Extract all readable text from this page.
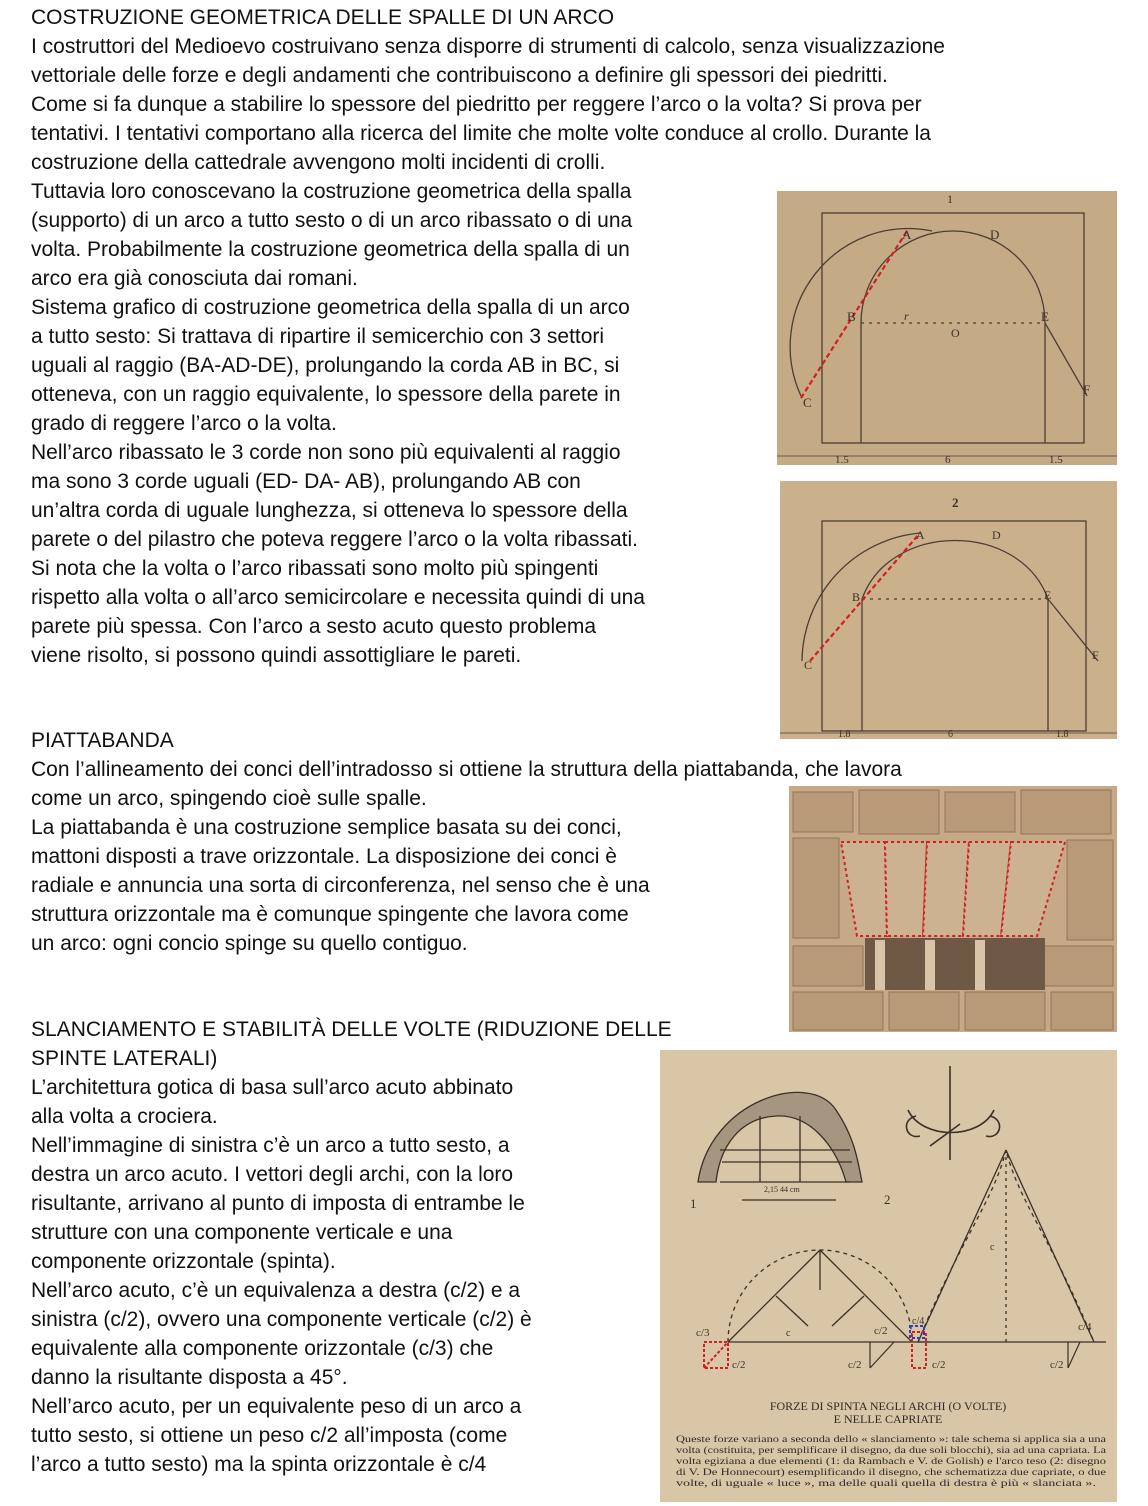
COSTRUZIONE GEOMETRICA DELLE SPALLE DI UN ARCO

I costruttori del Medioevo costruivano senza disporre di strumenti di calcolo, senza visualizzazione

vettoriale delle forze e degli andamenti che contribuiscono a definire gli spessori dei piedritti.

Come si fa dunque a stabilire lo spessore del piedritto per reggere l’arco o la volta? Si prova per

tentativi. I tentativi comportano alla ricerca del limite che molte volte conduce al crollo. Durante la

costruzione della cattedrale avvengono molti incidenti di crolli.

Tuttavia loro conoscevano la costruzione geometrica della spalla

(supporto) di un arco a tutto sesto o di un arco ribassato o di una

volta. Probabilmente la costruzione geometrica della spalla di un

arco era già conosciuta dai romani.

Sistema grafico di costruzione geometrica della spalla di un arco

a tutto sesto: Si trattava di ripartire il semicerchio con 3 settori

uguali al raggio (BA-AD-DE), prolungando la corda AB in BC, si

otteneva, con un raggio equivalente, lo spessore della parete in

grado di reggere l’arco o la volta.

Nell’arco ribassato le 3 corde non sono più equivalenti al raggio

ma sono 3 corde uguali (ED- DA- AB), prolungando AB con

un’altra corda di uguale lunghezza, si otteneva lo spessore della

parete o del pilastro che poteva reggere l’arco o la volta ribassati.

Si nota che la volta o l’arco ribassati sono molto più spingenti

rispetto alla volta o all’arco semicircolare e necessita quindi di una

parete più spessa. Con l’arco a sesto acuto questo problema

viene risolto, si possono quindi assottigliare le pareti.

PIATTABANDA

Con l’allineamento dei conci dell’intradosso si ottiene la struttura della piattabanda, che lavora

come un arco, spingendo cioè sulle spalle.

La piattabanda è una costruzione semplice basata su dei conci,

mattoni disposti a trave orizzontale. La disposizione dei conci è

radiale e annuncia una sorta di circonferenza, nel senso che è una

struttura orizzontale ma è comunque spingente che lavora come

un arco: ogni concio spinge su quello contiguo.

SLANCIAMENTO E STABILITÀ DELLE VOLTE (RIDUZIONE DELLE

SPINTE LATERALI)

L’architettura gotica di basa sull’arco acuto abbinato

alla volta a crociera.

Nell’immagine di sinistra c’è un arco a tutto sesto, a

destra un arco acuto. I vettori degli archi, con la loro

risultante, arrivano al punto di imposta di entrambe le

strutture con una componente verticale e una

componente orizzontale (spinta).

Nell’arco acuto, c’è un equivalenza a destra (c/2) e a

sinistra (c/2), ovvero una componente verticale (c/2) è

equivalente alla componente orizzontale (c/3) che

danno la risultante disposta a 45°.

Nell’arco acuto, per un equivalente peso di un arco a

tutto sesto, si ottiene un peso c/2 all’imposta (come

l’arco a tutto sesto) ma la spinta orizzontale è c/4

A	D
B	E
r
O
C
F
1
1.5	6	1.5
2
A	D
B	E
C
F
1.8	6	1.8
2,15 44 cm
1	2
c/3
c/2
c	c/2
c/2	c/2
c/4
c
c/4
c/2
FORZE DI SPINTA NEGLI ARCHI (O VOLTE)
E NELLE CAPRIATE
Queste forze variano a seconda dello « slanciamento »: tale schema si applica sia a una
volta (costituita, per semplificare il disegno, da due soli blocchi), sia ad una capriata. La
volta egiziana a due elementi (1: da Rambach e V. de Golish) e l'arco teso (2: disegno
di V. De Honnecourt) esemplificando il disegno, che schematizza due capriate, o due
volte, di uguale « luce », ma delle quali quella di destra è più « slanciata ».
